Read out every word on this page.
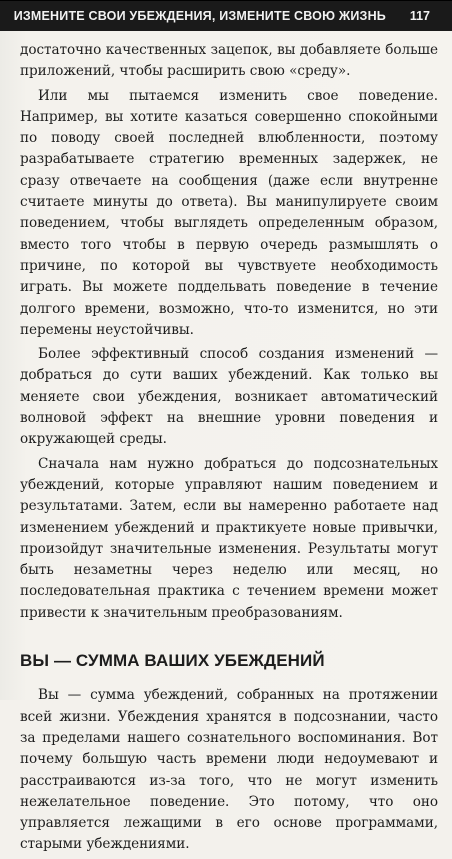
ИЗМЕНИТЕ СВОИ УБЕЖДЕНИЯ, ИЗМЕНИТЕ СВОЮ ЖИЗНЬ 117

достаточно качественных зацепок, вы добавляете больше приложений, чтобы расширить свою «среду».

Или мы пытаемся изменить свое поведение. Например, вы хотите казаться совершенно спокойными по поводу своей последней влюбленности, поэтому разрабатываете стратегию временных задержек, не сразу отвечаете на сообщения (даже если внутренне считаете минуты до ответа). Вы манипулируете своим поведением, чтобы выглядеть определенным образом, вместо того чтобы в первую очередь размышлять о причине, по которой вы чувствуете необходимость играть. Вы можете поддельвать поведение в течение долгого времени, возможно, что-то изменится, но эти перемены неустойчивы.

Более эффективный способ создания изменений — добраться до сути ваших убеждений. Как только вы меняете свои убеждения, возникает автоматический волновой эффект на внешние уровни поведения и окружающей среды.

Сначала нам нужно добраться до подсознательных убеждений, которые управляют нашим поведением и результатами. Затем, если вы намеренно работаете над изменением убеждений и практикуете новые привычки, произойдут значительные изменения. Результаты могут быть незаметны через неделю или месяц, но последовательная практика с течением времени может привести к значительным преобразованиям.

ВЫ — СУММА ВАШИХ УБЕЖДЕНИЙ

Вы — сумма убеждений, собранных на протяжении всей жизни. Убеждения хранятся в подсознании, часто за пределами нашего сознательного воспоминания. Вот почему большую часть времени люди недоумевают и расстраиваются из-за того, что не могут изменить нежелательное поведение. Это потому, что оно управляется лежащими в его основе программами, старыми убеждениями.
